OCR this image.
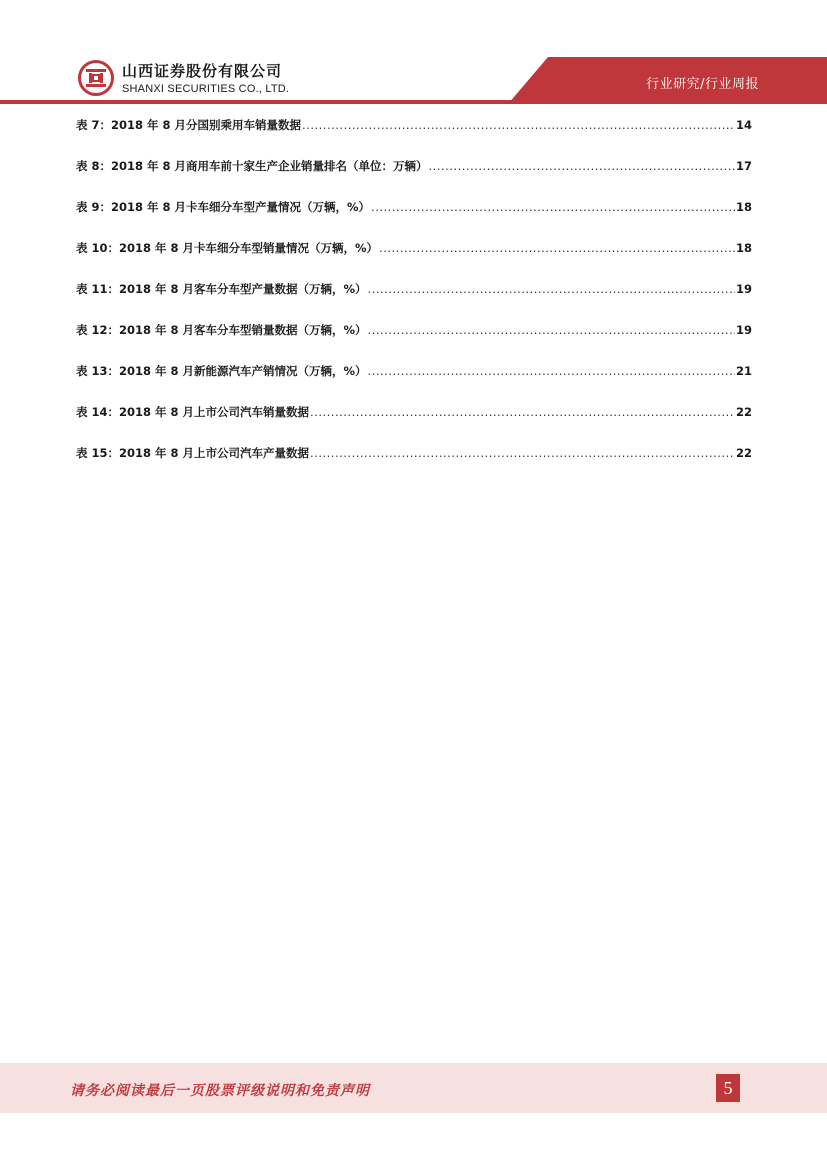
山西证券股份有限公司
SHANXI SECURITIES CO., LTD.	行业研究/行业周报
表 7：2018 年 8 月分国别乘用车销量数据 .....	14
表 8：2018 年 8 月商用车前十家生产企业销量排名（单位：万辆） .....	17
表 9：2018 年 8 月卡车细分车型产量情况（万辆，%） .....	18
表 10：2018 年 8 月卡车细分车型销量情况（万辆，%） .....	18
表 11：2018 年 8 月客车分车型产量数据（万辆，%） .....	19
表 12：2018 年 8 月客车分车型销量数据（万辆，%） .....	19
表 13：2018 年 8 月新能源汽车产销情况（万辆，%） .....	21
表 14：2018 年 8 月上市公司汽车销量数据 .....	22
表 15：2018 年 8 月上市公司汽车产量数据 .....	22
请务必阅读最后一页股票评级说明和免责声明	5
